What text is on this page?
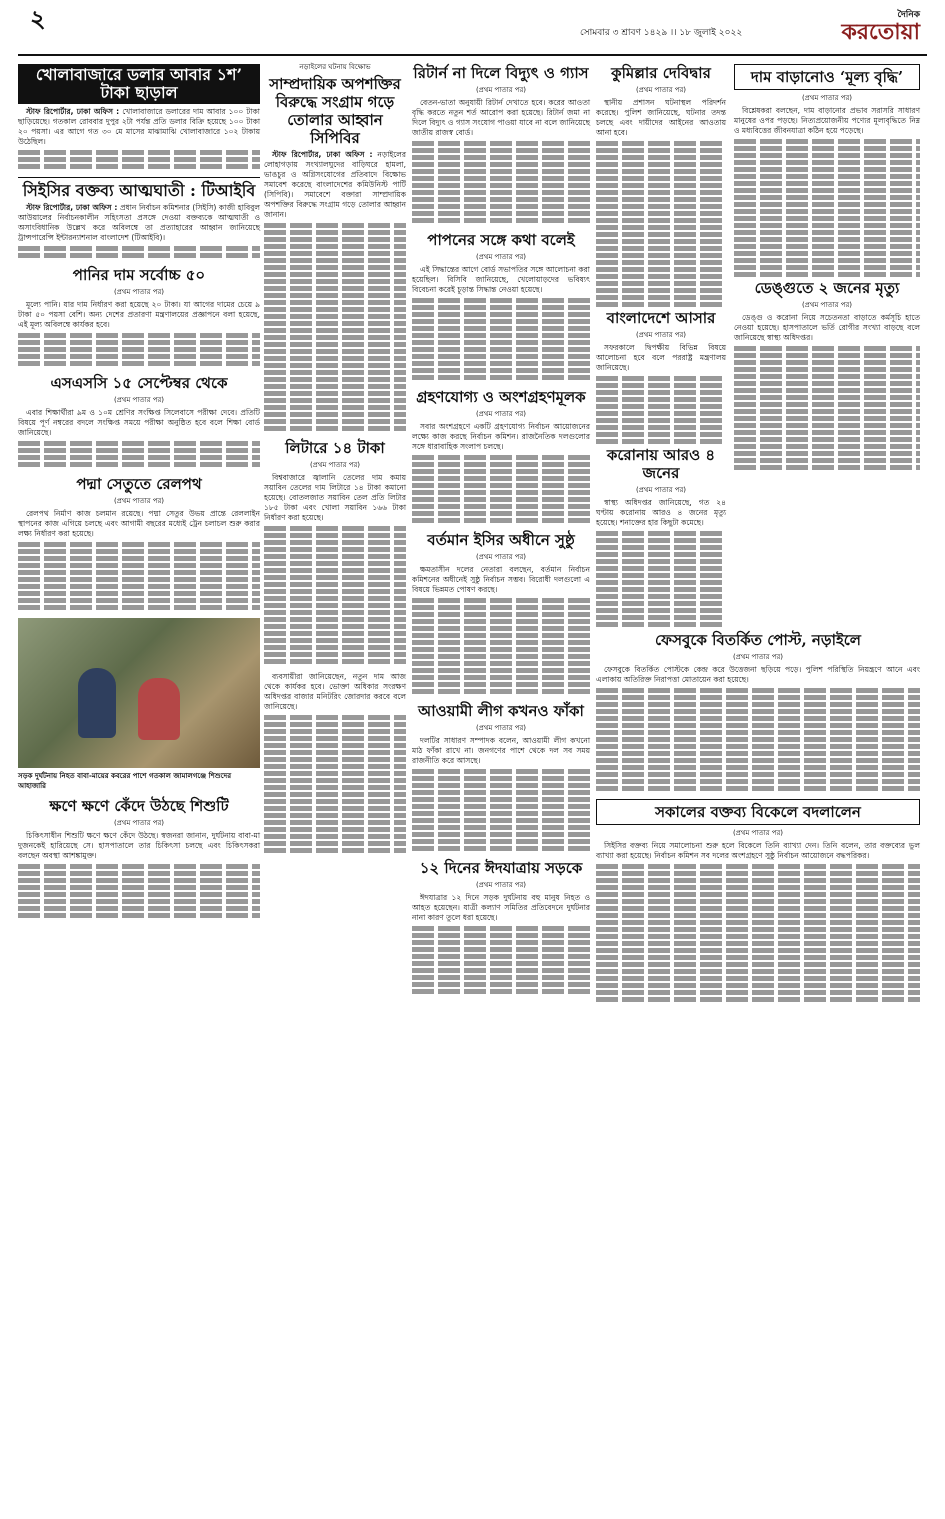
২	সোমবার ৩ শ্রাবণ ১৪২৯ ।। ১৮ জুলাই ২০২২
দৈনিক
করতোয়া
খোলাবাজারে ডলার আবার ১শ’ টাকা ছাড়াল

স্টাফ রিপোর্টার, ঢাকা অফিস : খোলাবাজারে ডলারের দাম আবার ১০০ টাকা ছাড়িয়েছে। গতকাল রোববার দুপুর ২টা পর্যন্ত প্রতি ডলার বিক্রি হয়েছে ১০০ টাকা ২০ পয়সা। এর আগে গত ৩০ মে মাসের মাঝামাঝি খোলাবাজারে ১০২ টাকায় উঠেছিল।

সিইসির বক্তব্য আত্মঘাতী : টিআইবি

স্টাফ রিপোর্টার, ঢাকা অফিস : প্রধান নির্বাচন কমিশনার (সিইসি) কাজী হাবিবুল আউয়ালের নির্বাচনকালীন সহিংসতা প্রসঙ্গে দেওয়া বক্তব্যকে আত্মঘাতী ও অসাংবিধানিক উল্লেখ করে অবিলম্বে তা প্রত্যাহারের আহ্বান জানিয়েছে ট্রান্সপারেন্সি ইন্টারন্যাশনাল বাংলাদেশ (টিআইবি)।

পানির দাম সর্বোচ্চ ৫০
(প্রথম পাতার পর)

মূল্যে পানি। যার দাম নির্ধারণ করা হয়েছে ২০ টাকা। যা আগের দামের চেয়ে ৯ টাকা ৫০ পয়সা বেশি। অন্য দেশের প্রতারণা মন্ত্রণালয়ের প্রজ্ঞাপনে বলা হয়েছে, এই মূল্য অবিলম্বে কার্যকর হবে।

এসএসসি ১৫ সেপ্টেম্বর থেকে
(প্রথম পাতার পর)

এবার শিক্ষার্থীরা ৯ম ও ১০ম শ্রেণির সংক্ষিপ্ত সিলেবাসে পরীক্ষা দেবে। প্রতিটি বিষয়ে পূর্ণ নম্বরের বদলে সংক্ষিপ্ত সময়ে পরীক্ষা অনুষ্ঠিত হবে বলে শিক্ষা বোর্ড জানিয়েছে।

পদ্মা সেতুতে রেলপথ
(প্রথম পাতার পর)

রেলপথ নির্মাণ কাজ চলমান রয়েছে। পদ্মা সেতুর উভয় প্রান্তে রেললাইন স্থাপনের কাজ এগিয়ে চলছে এবং আগামী বছরের মধ্যেই ট্রেন চলাচল শুরু করার লক্ষ্য নির্ধারণ করা হয়েছে।

সড়ক দুর্ঘটনায় নিহত বাবা-মায়ের কবরের পাশে গতকাল জামালগঞ্জে শিশুদের আহাজারি
ক্ষণে ক্ষণে কেঁদে উঠছে শিশুটি
(প্রথম পাতার পর)

চিকিৎসাধীন শিশুটি ক্ষণে ক্ষণে কেঁদে উঠছে। স্বজনরা জানান, দুর্ঘটনায় বাবা-মা দুজনকেই হারিয়েছে সে। হাসপাতালে তার চিকিৎসা চলছে এবং চিকিৎসকরা বলছেন অবস্থা আশঙ্কামুক্ত।

নড়াইলের ঘটনায় বিক্ষোভ
সাম্প্রদায়িক অপশক্তির বিরুদ্ধে সংগ্রাম গড়ে তোলার আহ্বান সিপিবির

স্টাফ রিপোর্টার, ঢাকা অফিস : নড়াইলের লোহাগড়ায় সংখ্যালঘুদের বাড়িঘরে হামলা, ভাঙচুর ও অগ্নিসংযোগের প্রতিবাদে বিক্ষোভ সমাবেশ করেছে বাংলাদেশের কমিউনিস্ট পার্টি (সিপিবি)। সমাবেশে বক্তারা সাম্প্রদায়িক অপশক্তির বিরুদ্ধে সংগ্রাম গড়ে তোলার আহ্বান জানান।

লিটারে ১৪ টাকা
(প্রথম পাতার পর)

বিশ্ববাজারে জ্বালানি তেলের দাম কমায় সয়াবিন তেলের দাম লিটারে ১৪ টাকা কমানো হয়েছে। বোতলজাত সয়াবিন তেল প্রতি লিটার ১৮৫ টাকা এবং খোলা সয়াবিন ১৬৬ টাকা নির্ধারণ করা হয়েছে।

ব্যবসায়ীরা জানিয়েছেন, নতুন দাম আজ থেকে কার্যকর হবে। ভোক্তা অধিকার সংরক্ষণ অধিদপ্তর বাজার মনিটরিং জোরদার করবে বলে জানিয়েছে।

রিটার্ন না দিলে বিদ্যুৎ ও গ্যাস
(প্রথম পাতার পর)

বেতন-ভাতা অনুযায়ী রিটার্ন দেখাতে হবে। করের আওতা বৃদ্ধি করতে নতুন শর্ত আরোপ করা হয়েছে। রিটার্ন জমা না দিলে বিদ্যুৎ ও গ্যাস সংযোগ পাওয়া যাবে না বলে জানিয়েছে জাতীয় রাজস্ব বোর্ড।

পাপনের সঙ্গে কথা বলেই
(প্রথম পাতার পর)

এই সিদ্ধান্তের আগে বোর্ড সভাপতির সঙ্গে আলোচনা করা হয়েছিল। বিসিবি জানিয়েছে, খেলোয়াড়দের ভবিষ্যৎ বিবেচনা করেই চূড়ান্ত সিদ্ধান্ত নেওয়া হয়েছে।

গ্রহণযোগ্য ও অংশগ্রহণমূলক
(প্রথম পাতার পর)

সবার অংশগ্রহণে একটি গ্রহণযোগ্য নির্বাচন আয়োজনের লক্ষ্যে কাজ করছে নির্বাচন কমিশন। রাজনৈতিক দলগুলোর সঙ্গে ধারাবাহিক সংলাপ চলছে।

বর্তমান ইসির অধীনে সুষ্ঠু
(প্রথম পাতার পর)

ক্ষমতাসীন দলের নেতারা বলছেন, বর্তমান নির্বাচন কমিশনের অধীনেই সুষ্ঠু নির্বাচন সম্ভব। বিরোধী দলগুলো এ বিষয়ে ভিন্নমত পোষণ করছে।

আওয়ামী লীগ কখনও ফাঁকা
(প্রথম পাতার পর)

দলটির সাধারণ সম্পাদক বলেন, আওয়ামী লীগ কখনো মাঠ ফাঁকা রাখে না। জনগণের পাশে থেকে দল সব সময় রাজনীতি করে আসছে।

১২ দিনের ঈদযাত্রায় সড়কে
(প্রথম পাতার পর)

ঈদযাত্রার ১২ দিনে সড়ক দুর্ঘটনায় বহু মানুষ নিহত ও আহত হয়েছেন। যাত্রী কল্যাণ সমিতির প্রতিবেদনে দুর্ঘটনার নানা কারণ তুলে ধরা হয়েছে।

কুমিল্লার দেবিদ্বার
(প্রথম পাতার পর)

স্থানীয় প্রশাসন ঘটনাস্থল পরিদর্শন করেছে। পুলিশ জানিয়েছে, ঘটনার তদন্ত চলছে এবং দায়ীদের আইনের আওতায় আনা হবে।

বাংলাদেশে আসার
(প্রথম পাতার পর)

সফরকালে দ্বিপক্ষীয় বিভিন্ন বিষয়ে আলোচনা হবে বলে পররাষ্ট্র মন্ত্রণালয় জানিয়েছে।

করোনায় আরও ৪ জনের
(প্রথম পাতার পর)

স্বাস্থ্য অধিদপ্তর জানিয়েছে, গত ২৪ ঘণ্টায় করোনায় আরও ৪ জনের মৃত্যু হয়েছে। শনাক্তের হার কিছুটা কমেছে।

দাম বাড়ানোও ‘মূল্য বৃদ্ধি’
(প্রথম পাতার পর)

বিশ্লেষকরা বলছেন, দাম বাড়ানোর প্রভাব সরাসরি সাধারণ মানুষের ওপর পড়ছে। নিত্যপ্রয়োজনীয় পণ্যের মূল্যবৃদ্ধিতে নিম্ন ও মধ্যবিত্তের জীবনযাত্রা কঠিন হয়ে পড়েছে।

ডেঙ্গুতে ২ জনের মৃত্যু
(প্রথম পাতার পর)

ডেঙ্গু ও করোনা নিয়ে সচেতনতা বাড়াতে কর্মসূচি হাতে নেওয়া হয়েছে। হাসপাতালে ভর্তি রোগীর সংখ্যা বাড়ছে বলে জানিয়েছে স্বাস্থ্য অধিদপ্তর।

ফেসবুকে বিতর্কিত পোস্ট, নড়াইলে
(প্রথম পাতার পর)

ফেসবুকে বিতর্কিত পোস্টকে কেন্দ্র করে উত্তেজনা ছড়িয়ে পড়ে। পুলিশ পরিস্থিতি নিয়ন্ত্রণে আনে এবং এলাকায় অতিরিক্ত নিরাপত্তা মোতায়েন করা হয়েছে।

সকালের বক্তব্য বিকেলে বদলালেন
(প্রথম পাতার পর)

সিইসির বক্তব্য নিয়ে সমালোচনা শুরু হলে বিকেলে তিনি ব্যাখ্যা দেন। তিনি বলেন, তার বক্তব্যের ভুল ব্যাখ্যা করা হয়েছে। নির্বাচন কমিশন সব দলের অংশগ্রহণে সুষ্ঠু নির্বাচন আয়োজনে বদ্ধপরিকর।
